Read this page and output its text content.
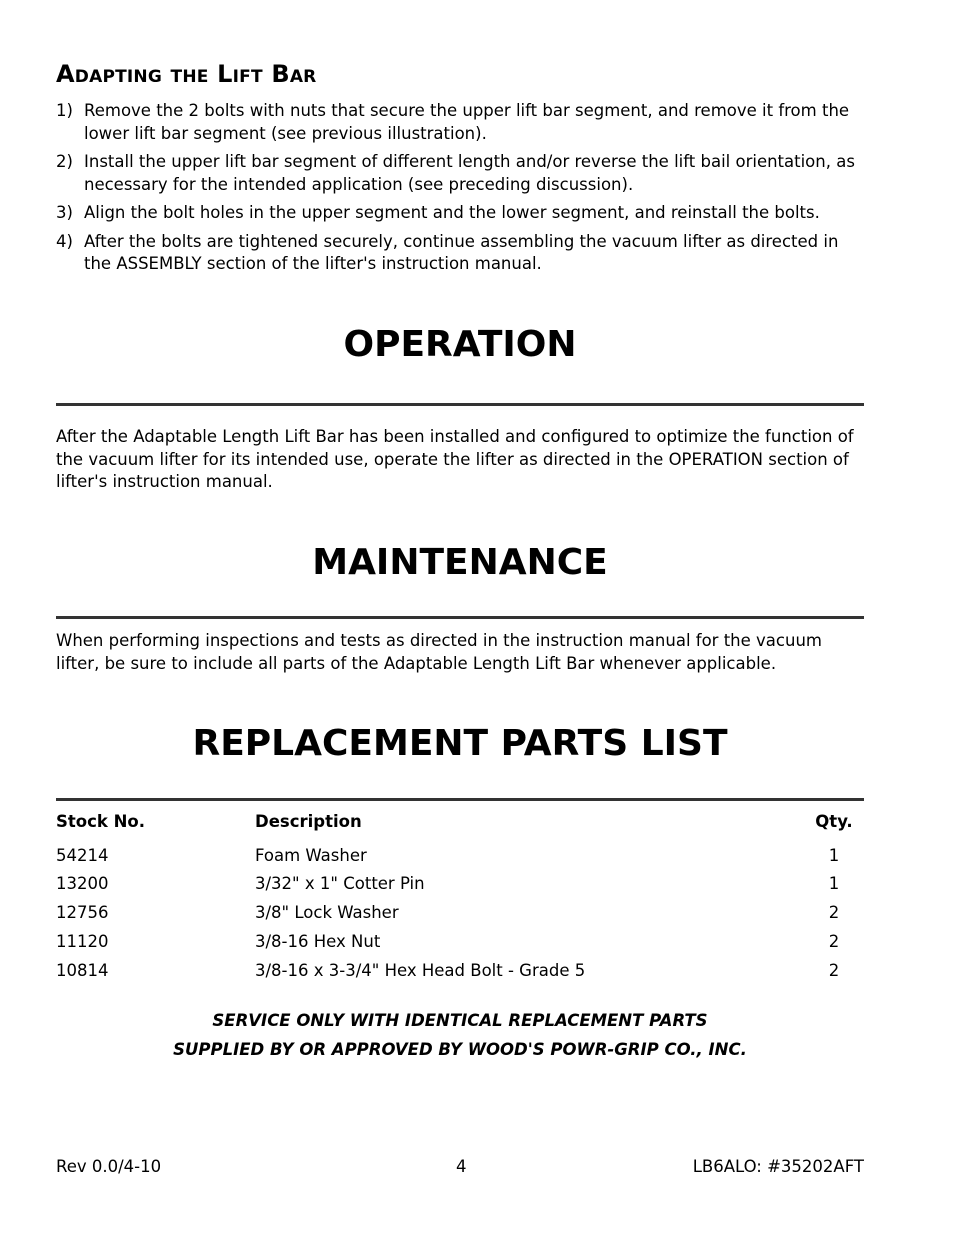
Adapting the Lift Bar
1) Remove the 2 bolts with nuts that secure the upper lift bar segment, and remove it from the lower lift bar segment (see previous illustration).
2) Install the upper lift bar segment of different length and/or reverse the lift bail orientation, as necessary for the intended application (see preceding discussion).
3) Align the bolt holes in the upper segment and the lower segment, and reinstall the bolts.
4) After the bolts are tightened securely, continue assembling the vacuum lifter as directed in the ASSEMBLY section of the lifter's instruction manual.
OPERATION

After the Adaptable Length Lift Bar has been installed and configured to optimize the function of the vacuum lifter for its intended use, operate the lifter as directed in the OPERATION section of lifter's instruction manual.

MAINTENANCE

When performing inspections and tests as directed in the instruction manual for the vacuum lifter, be sure to include all parts of the Adaptable Length Lift Bar whenever applicable.

REPLACEMENT PARTS LIST
Stock No.	Description	Qty.
54214	Foam Washer	1
13200	3/32" x 1" Cotter Pin	1
12756	3/8" Lock Washer	2
11120	3/8-16 Hex Nut	2
10814	3/8-16 x 3-3/4" Hex Head Bolt - Grade 5	2

SERVICE ONLY WITH IDENTICAL REPLACEMENT PARTS

SUPPLIED BY OR APPROVED BY WOOD'S POWR-GRIP CO., INC.

Rev 0.0/4-10	4	LB6ALO: #35202AFT
